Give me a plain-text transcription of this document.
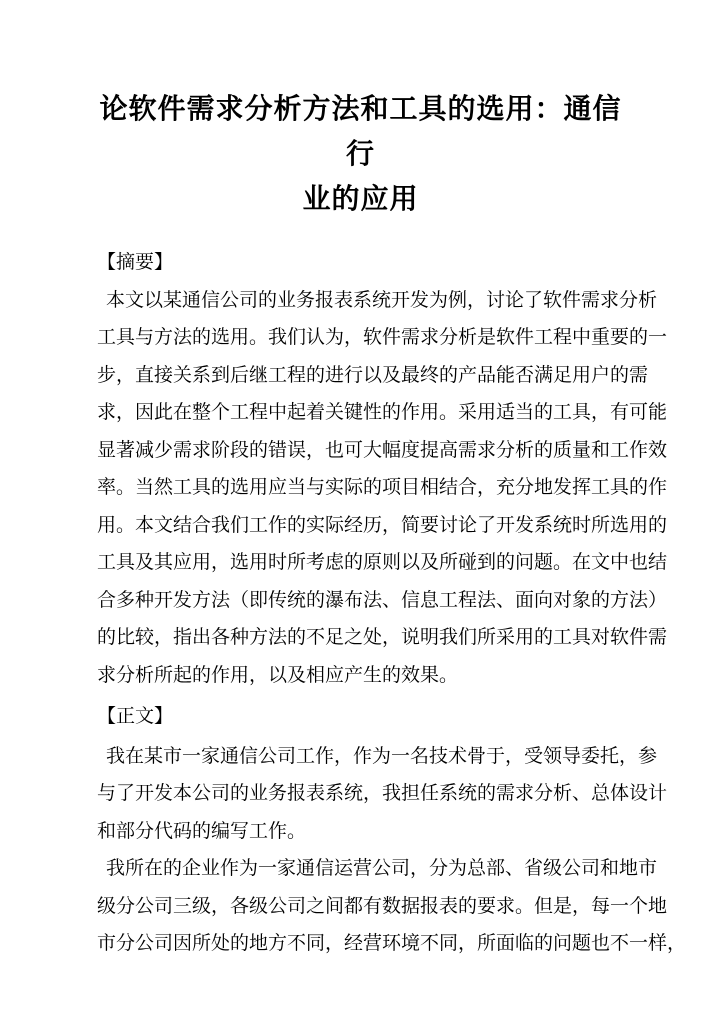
论软件需求分析方法和工具的选用：通信行
业的应用
【摘要】
本文以某通信公司的业务报表系统开发为例，讨论了软件需求分析
工具与方法的选用。我们认为，软件需求分析是软件工程中重要的一
步，直接关系到后继工程的进行以及最终的产品能否满足用户的需
求，因此在整个工程中起着关键性的作用。采用适当的工具，有可能
显著减少需求阶段的错误，也可大幅度提高需求分析的质量和工作效
率。当然工具的选用应当与实际的项目相结合，充分地发挥工具的作
用。本文结合我们工作的实际经历，简要讨论了开发系统时所选用的
工具及其应用，选用时所考虑的原则以及所碰到的问题。在文中也结
合多种开发方法（即传统的瀑布法、信息工程法、面向对象的方法）
的比较，指出各种方法的不足之处，说明我们所采用的工具对软件需
求分析所起的作用，以及相应产生的效果。
【正文】
我在某市一家通信公司工作，作为一名技术骨于，受领导委托，参
与了开发本公司的业务报表系统，我担任系统的需求分析、总体设计
和部分代码的编写工作。
我所在的企业作为一家通信运营公司，分为总部、省级公司和地市
级分公司三级，各级公司之间都有数据报表的要求。但是，每一个地
市分公司因所处的地方不同，经营环境不同，所面临的问题也不一样，
